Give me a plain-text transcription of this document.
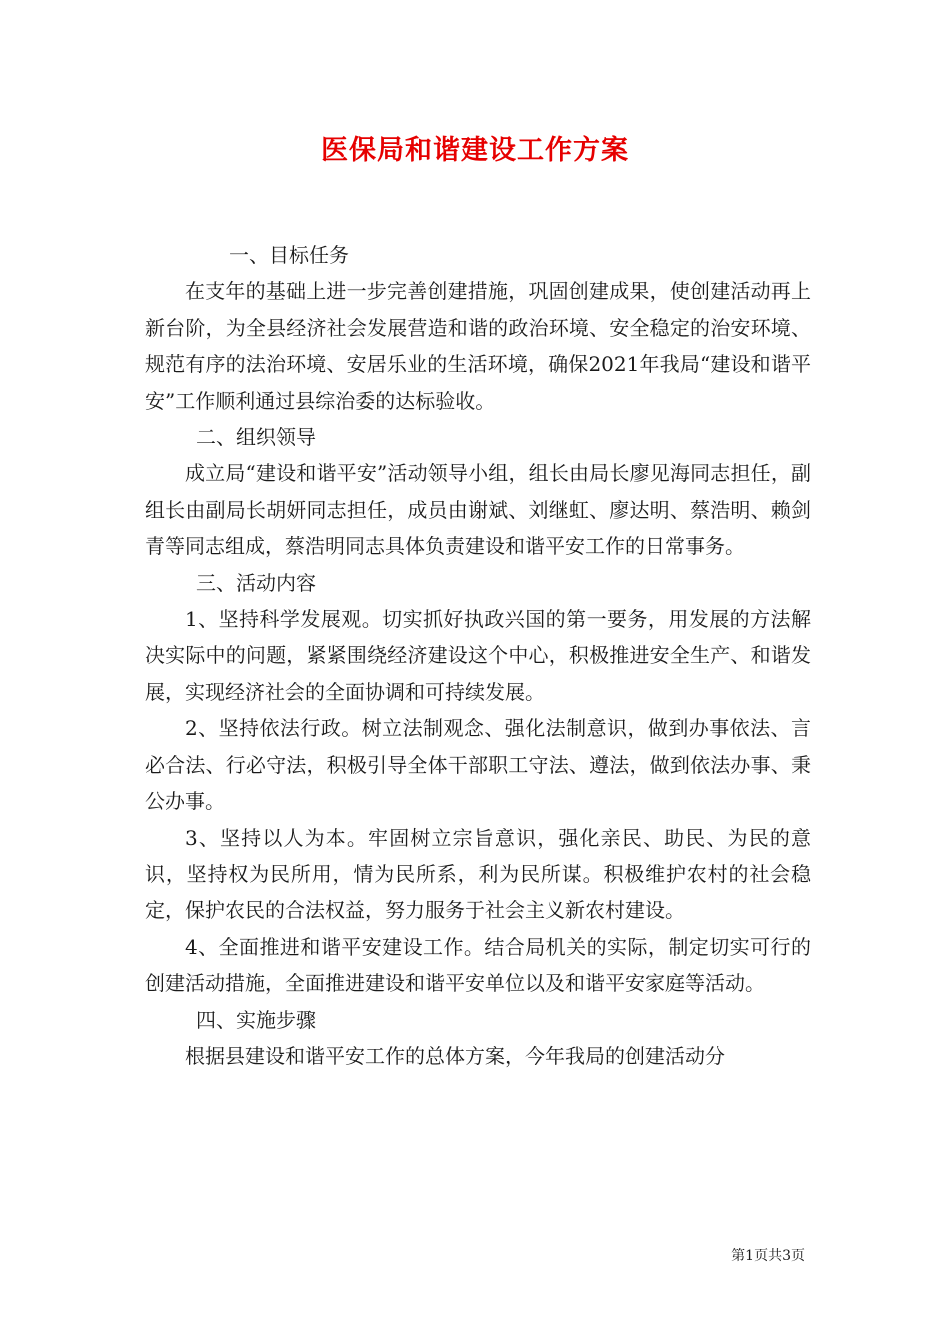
医保局和谐建设工作方案

一、目标任务

在支年的基础上进一步完善创建措施，巩固创建成果，使创建活动再上新台阶，为全县经济社会发展营造和谐的政治环境、安全稳定的治安环境、规范有序的法治环境、安居乐业的生活环境，确保2021年我局“建设和谐平安”工作顺利通过县综治委的达标验收。

二、组织领导

成立局“建设和谐平安”活动领导小组，组长由局长廖见海同志担任，副组长由副局长胡妍同志担任，成员由谢斌、刘继虹、廖达明、蔡浩明、赖剑青等同志组成，蔡浩明同志具体负责建设和谐平安工作的日常事务。

三、活动内容

1、坚持科学发展观。切实抓好执政兴国的第一要务，用发展的方法解决实际中的问题，紧紧围绕经济建设这个中心，积极推进安全生产、和谐发展，实现经济社会的全面协调和可持续发展。

2、坚持依法行政。树立法制观念、强化法制意识，做到办事依法、言必合法、行必守法，积极引导全体干部职工守法、遵法，做到依法办事、秉公办事。

3、坚持以人为本。牢固树立宗旨意识，强化亲民、助民、为民的意识，坚持权为民所用，情为民所系，利为民所谋。积极维护农村的社会稳定，保护农民的合法权益，努力服务于社会主义新农村建设。

4、全面推进和谐平安建设工作。结合局机关的实际，制定切实可行的创建活动措施，全面推进建设和谐平安单位以及和谐平安家庭等活动。

四、实施步骤

根据县建设和谐平安工作的总体方案，今年我局的创建活动分

第1页共3页
